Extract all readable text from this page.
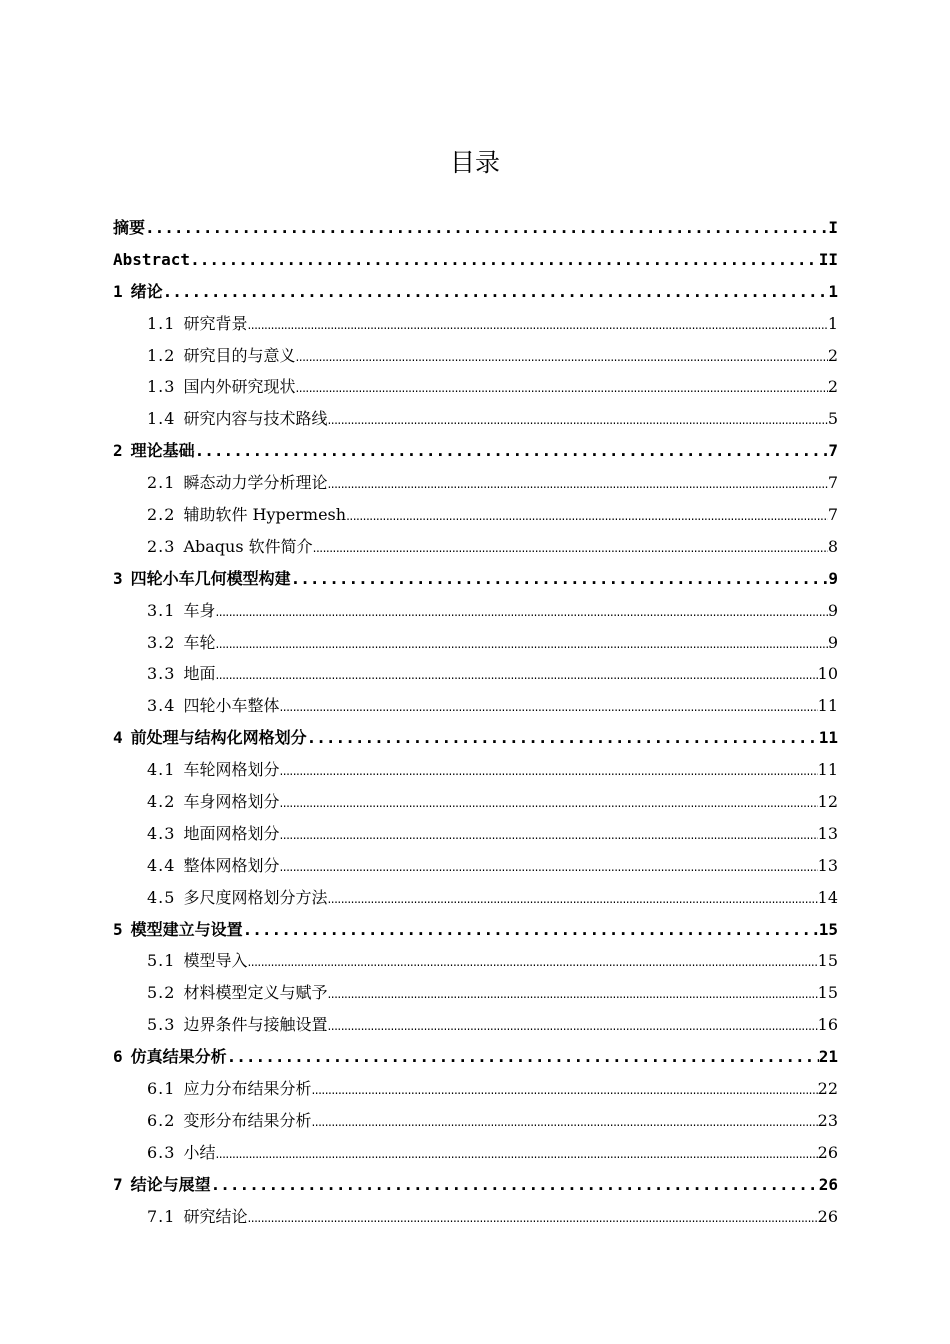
目录
摘要 .....	I
Abstract .....	II
1 绪论 .....	1
1.1 研究背景 .....	1
1.2 研究目的与意义 .....	2
1.3 国内外研究现状 .....	2
1.4 研究内容与技术路线 .....	5
2 理论基础 .....	7
2.1 瞬态动力学分析理论 .....	7
2.2 辅助软件 Hypermesh .....	7
2.3 Abaqus 软件简介 .....	8
3 四轮小车几何模型构建 .....	9
3.1 车身 .....	9
3.2 车轮 .....	9
3.3 地面 .....	10
3.4 四轮小车整体 .....	11
4 前处理与结构化网格划分 .....	11
4.1 车轮网格划分 .....	11
4.2 车身网格划分 .....	12
4.3 地面网格划分 .....	13
4.4 整体网格划分 .....	13
4.5 多尺度网格划分方法 .....	14
5 模型建立与设置 .....	15
5.1 模型导入 .....	15
5.2 材料模型定义与赋予 .....	15
5.3 边界条件与接触设置 .....	16
6 仿真结果分析 .....	21
6.1 应力分布结果分析 .....	22
6.2 变形分布结果分析 .....	23
6.3 小结 .....	26
7 结论与展望 .....	26
7.1 研究结论 .....	26
